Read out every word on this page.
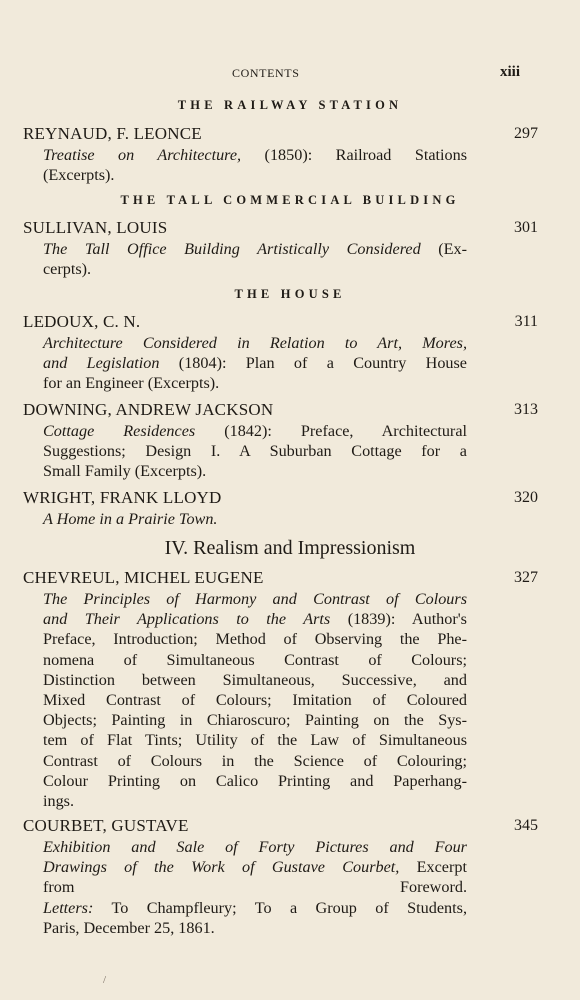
CONTENTS	xiii
THE RAILWAY STATION
REYNAUD, F. LEONCE	297
Treatise on Architecture, (1850): Railroad Stations
(Excerpts).
THE TALL COMMERCIAL BUILDING
SULLIVAN, LOUIS	301
The Tall Office Building Artistically Considered (Ex-
cerpts).
THE HOUSE
LEDOUX, C. N.	311
Architecture Considered in Relation to Art, Mores,
and Legislation (1804): Plan of a Country House
for an Engineer (Excerpts).
DOWNING, ANDREW JACKSON	313
Cottage Residences (1842): Preface, Architectural
Suggestions; Design I. A Suburban Cottage for a
Small Family (Excerpts).
WRIGHT, FRANK LLOYD	320
A Home in a Prairie Town.
IV. Realism and Impressionism
CHEVREUL, MICHEL EUGENE	327
The Principles of Harmony and Contrast of Colours
and Their Applications to the Arts (1839): Author's
Preface, Introduction; Method of Observing the Phe-
nomena of Simultaneous Contrast of Colours;
Distinction between Simultaneous, Successive, and
Mixed Contrast of Colours; Imitation of Coloured
Objects; Painting in Chiaroscuro; Painting on the Sys-
tem of Flat Tints; Utility of the Law of Simultaneous
Contrast of Colours in the Science of Colouring;
Colour Printing on Calico Printing and Paperhang-
ings.
COURBET, GUSTAVE	345
Exhibition and Sale of Forty Pictures and Four
Drawings of the Work of Gustave Courbet, Excerpt
from Foreword.
Letters: To Champfleury; To a Group of Students,
Paris, December 25, 1861.
/
